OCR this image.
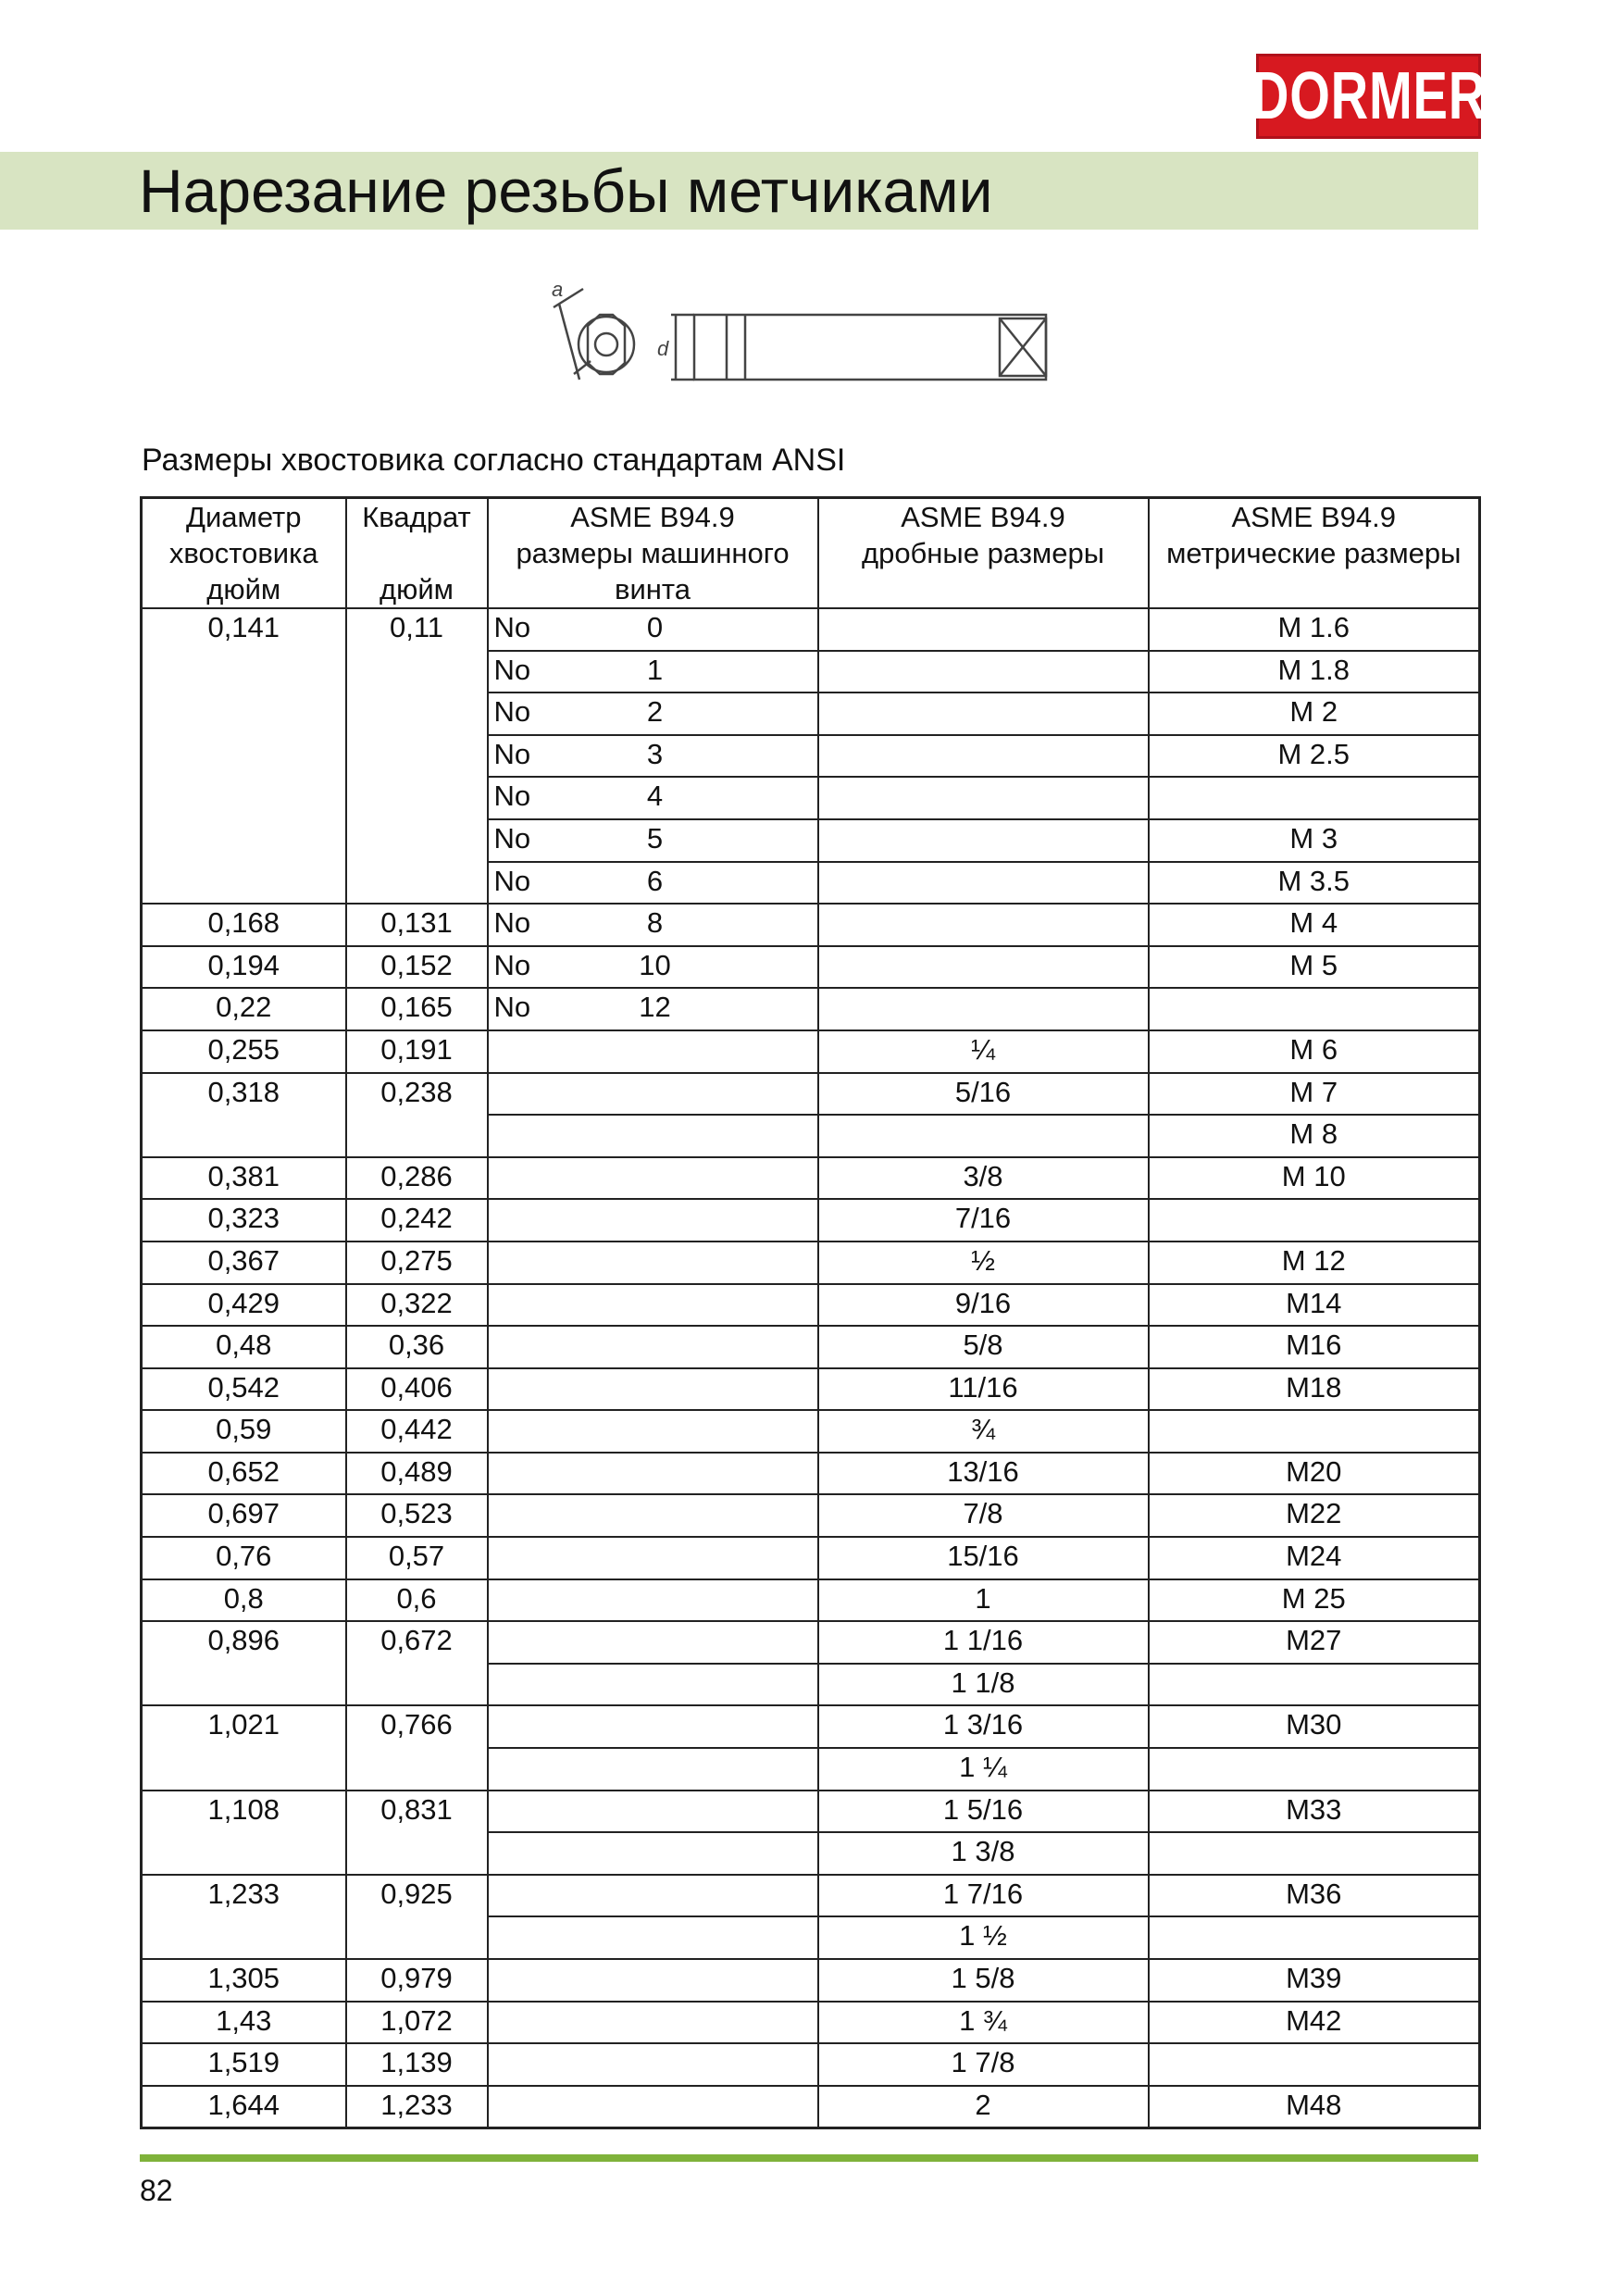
DORMER
Нарезание резьбы метчиками
a
d
Размеры хвостовика согласно стандартам ANSI
Диаметр
хвостовика
дюйм	Квадрат

дюйм	ASME B94.9
размеры машинного
винта	ASME B94.9
дробные размеры	ASME B94.9
метрические размеры

0,141	0,11	No 0		M 1.6

		No 1		M 1.8

		No 2		M 2

		No 3		M 2.5

		No 4		

		No 5		M 3

		No 6		M 3.5
0,168	0,131	No 8		M 4
0,194	0,152	No 10		M 5
0,22	0,165	No 12		

0,255	0,191		¼	M 6
0,318	0,238		5/16	M 7
				M 8
0,381	0,286		3/8	M 10
0,323	0,242		7/16	
0,367	0,275		½	M 12
0,429	0,322		9/16	M14
0,48	0,36		5/8	M16
0,542	0,406		11/16	M18
0,59	0,442		¾	
0,652	0,489		13/16	M20
0,697	0,523		7/8	M22
0,76	0,57		15/16	M24
0,8	0,6		1	M 25
0,896	0,672		1 1/16	M27
			1 1/8	
1,021	0,766		1 3/16	M30
			1 ¼	
1,108	0,831		1 5/16	M33
			1 3/8	
1,233	0,925		1 7/16	M36
			1 ½	
1,305	0,979		1 5/8	M39
1,43	1,072		1 ¾	M42
1,519	1,139		1 7/8	
1,644	1,233		2	M48
82
